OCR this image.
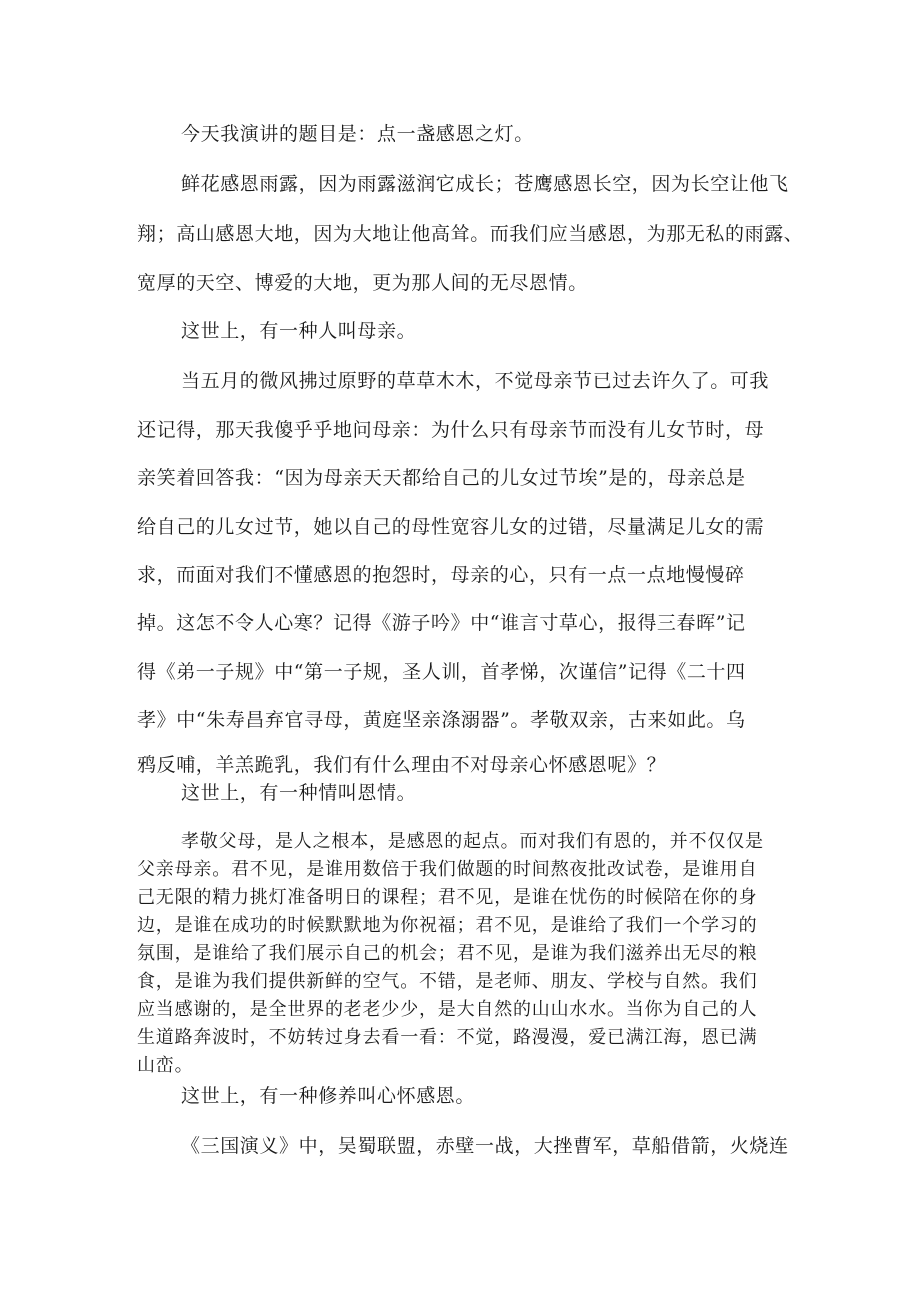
今天我演讲的题目是：点一盏感恩之灯。
鲜花感恩雨露，因为雨露滋润它成长；苍鹰感恩长空，因为长空让他飞
翔；高山感恩大地，因为大地让他高耸。而我们应当感恩，为那无私的雨露、
宽厚的天空、博爱的大地，更为那人间的无尽恩情。
这世上，有一种人叫母亲。
当五月的微风拂过原野的草草木木，不觉母亲节已过去许久了。可我
还记得，那天我傻乎乎地问母亲：为什么只有母亲节而没有儿女节时，母
亲笑着回答我：“因为母亲天天都给自己的儿女过节埃”是的，母亲总是
给自己的儿女过节，她以自己的母性宽容儿女的过错，尽量满足儿女的需
求，而面对我们不懂感恩的抱怨时，母亲的心，只有一点一点地慢慢碎
掉。这怎不令人心寒？记得《游子吟》中“谁言寸草心，报得三春晖”记
得《弟一子规》中“第一子规，圣人训，首孝悌，次谨信”记得《二十四
孝》中“朱寿昌弃官寻母，黄庭坚亲涤溺器”。孝敬双亲，古来如此。乌
鸦反哺，羊羔跪乳，我们有什么理由不对母亲心怀感恩呢》？
这世上，有一种情叫恩情。
孝敬父母，是人之根本，是感恩的起点。而对我们有恩的，并不仅仅是
父亲母亲。君不见，是谁用数倍于我们做题的时间熬夜批改试卷，是谁用自
己无限的精力挑灯准备明日的课程；君不见，是谁在忧伤的时候陪在你的身
边，是谁在成功的时候默默地为你祝福；君不见，是谁给了我们一个学习的
氛围，是谁给了我们展示自己的机会；君不见，是谁为我们滋养出无尽的粮
食，是谁为我们提供新鲜的空气。不错，是老师、朋友、学校与自然。我们
应当感谢的，是全世界的老老少少，是大自然的山山水水。当你为自己的人
生道路奔波时，不妨转过身去看一看：不觉，路漫漫，爱已满江海，恩已满
山峦。
这世上，有一种修养叫心怀感恩。
《三国演义》中，吴蜀联盟，赤壁一战，大挫曹军，草船借箭，火烧连
